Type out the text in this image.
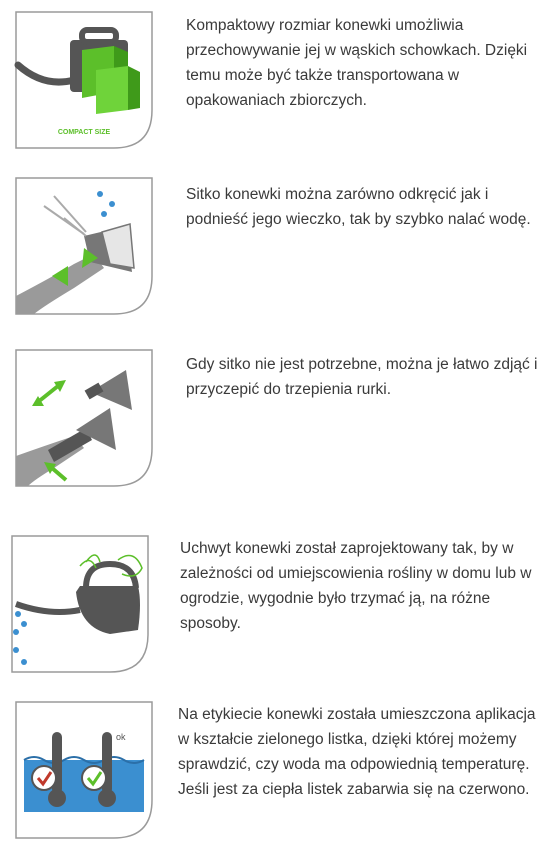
COMPACT SIZE

Kompaktowy rozmiar konewki umożliwia przechowywanie jej w wąskich schowkach. Dzięki temu może być także transportowana w opakowaniach zbiorczych.

Sitko konewki można zarówno odkręcić jak i podnieść jego wieczko, tak by szybko nalać wodę.

Gdy sitko nie jest potrzebne, można je łatwo zdjąć i przyczepić do trzepienia rurki.

Uchwyt konewki został zaprojektowany tak, by w zależności od umiejscowienia rośliny w domu lub w ogrodzie, wygodnie było trzymać ją, na różne sposoby.

ok

Na etykiecie konewki została umieszczona aplikacja w kształcie zielonego listka, dzięki której możemy sprawdzić, czy woda ma odpowiednią temperaturę. Jeśli jest za ciepła listek zabarwia się na czerwono.
